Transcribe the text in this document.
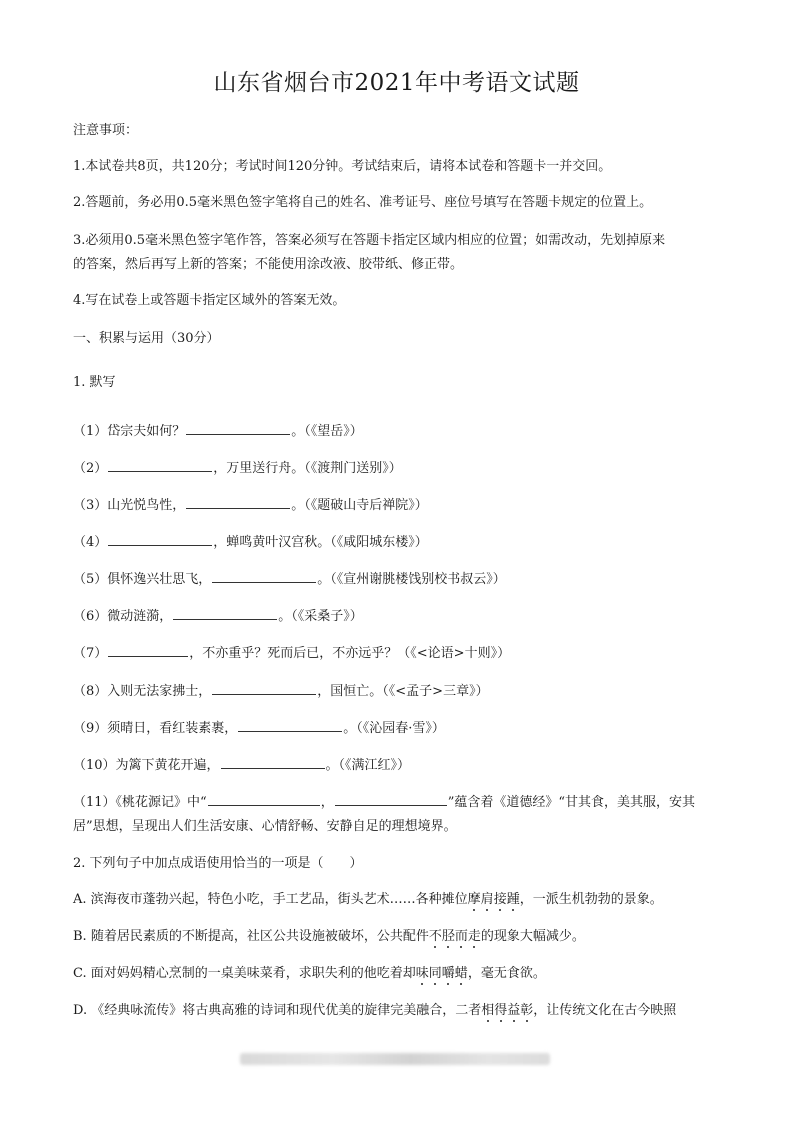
山东省烟台市2021年中考语文试题
注意事项：
1.本试卷共8页，共120分；考试时间120分钟。考试结束后，请将本试卷和答题卡一并交回。
2.答题前，务必用0.5毫米黑色签字笔将自己的姓名、准考证号、座位号填写在答题卡规定的位置上。
3.必须用0.5毫米黑色签字笔作答，答案必须写在答题卡指定区域内相应的位置；如需改动，先划掉原来
的答案，然后再写上新的答案；不能使用涂改液、胶带纸、修正带。
4.写在试卷上或答题卡指定区域外的答案无效。
一、积累与运用（30分）
1. 默写
（1）岱宗夫如何？	。（《望岳》）
（2）	，万里送行舟。（《渡荆门送别》）
（3）山光悦鸟性，	。（《题破山寺后禅院》）
（4）	，蝉鸣黄叶汉宫秋。（《咸阳城东楼》）
（5）俱怀逸兴壮思飞，	。（《宣州谢朓楼饯别校书叔云》）
（6）微动涟漪，	。（《采桑子》）
（7）	，不亦重乎？死而后已，不亦远乎？（《<论语>十则》）
（8）入则无法家拂士，	，国恒亡。（《<孟子>三章》）
（9）须晴日，看红装素裹，	。（《沁园春·雪》）
（10）为篱下黄花开遍，	。（《满江红》）
（11）《桃花源记》中“	，	”蕴含着《道德经》“甘其食，美其服，安其
居”思想，呈现出人们生活安康、心情舒畅、安静自足的理想境界。
2. 下列句子中加点成语使用恰当的一项是（　　）
A. 滨海夜市蓬勃兴起，特色小吃，手工艺品，街头艺术……各种摊位摩肩接踵，一派生机勃勃的景象。
B. 随着居民素质的不断提高，社区公共设施被破坏，公共配件不胫而走的现象大幅减少。
C. 面对妈妈精心烹制的一桌美味菜肴，求职失利的他吃着却味同嚼蜡，毫无食欲。
D. 《经典咏流传》将古典高雅的诗词和现代优美的旋律完美融合，二者相得益彰，让传统文化在古今映照
